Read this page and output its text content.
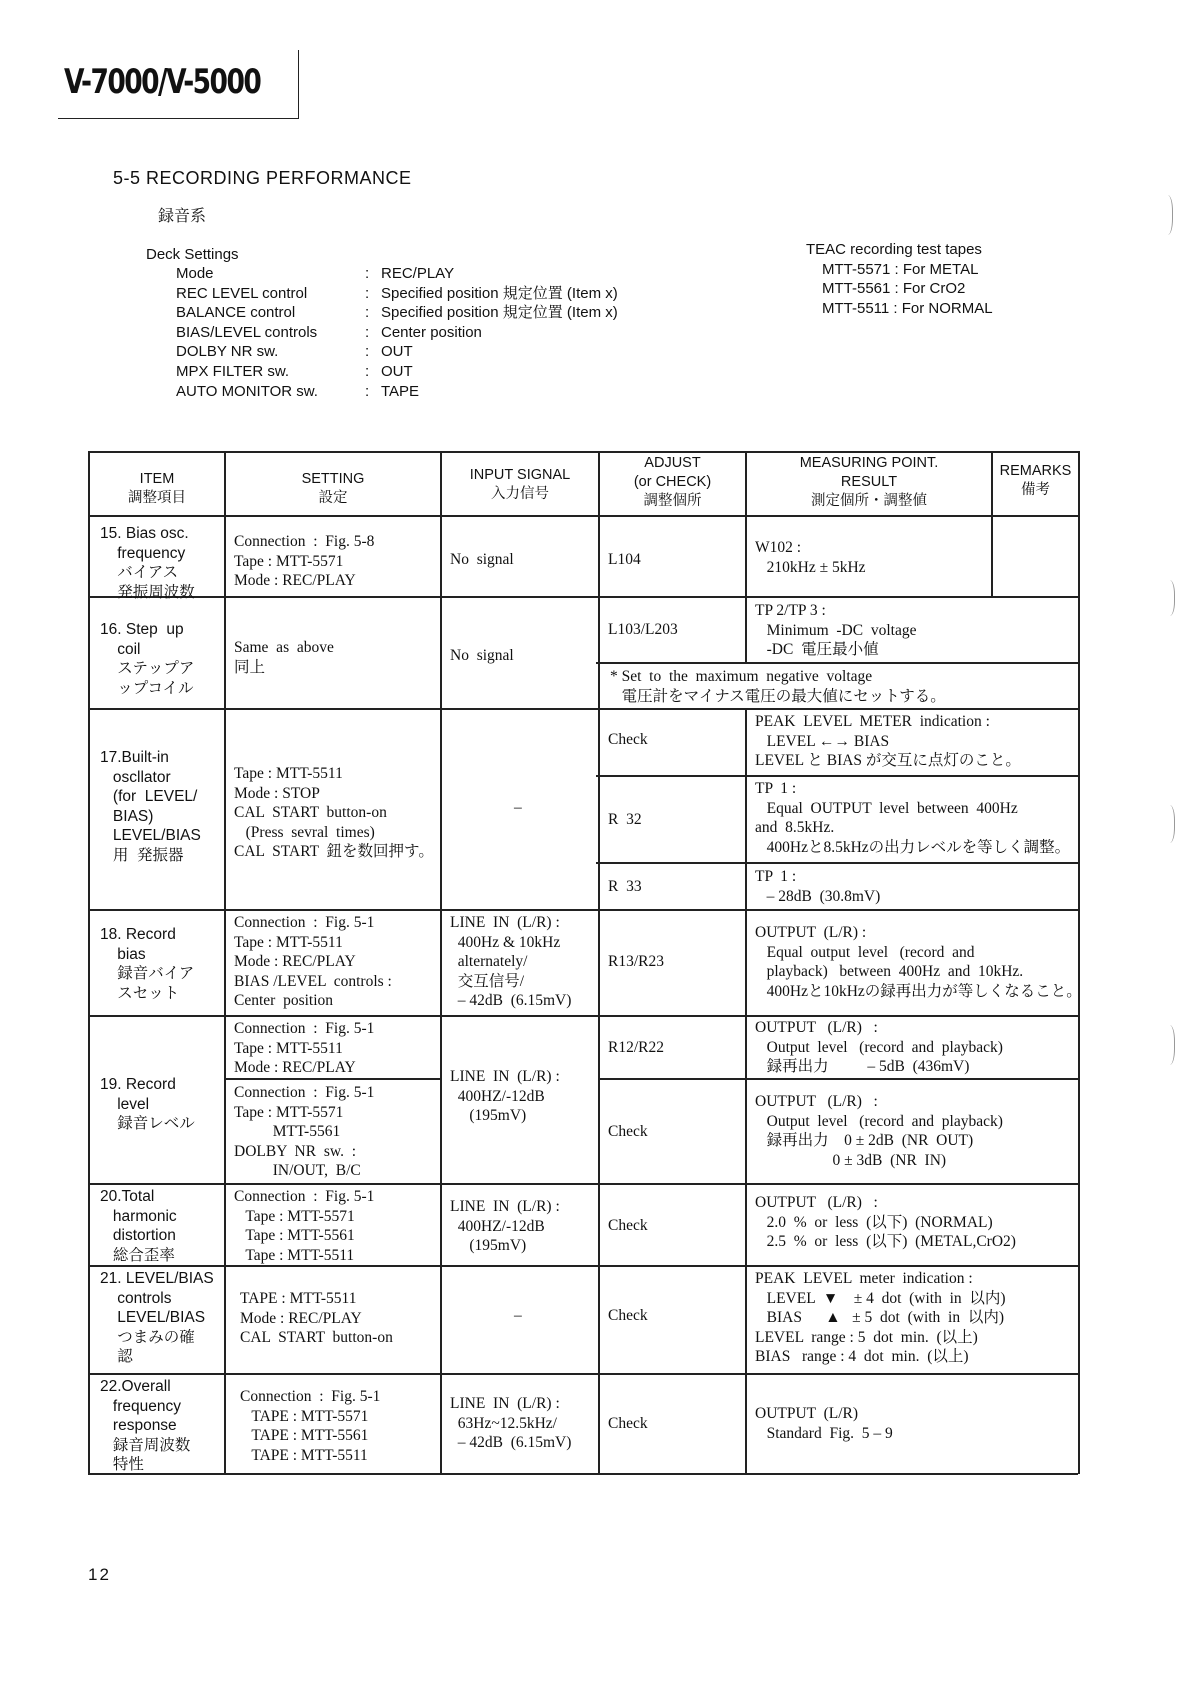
V-7000/V-5000
5-5 RECORDING PERFORMANCE
録音系
Deck Settings
Mode
REC LEVEL control
BALANCE control
BIAS/LEVEL controls
DOLBY NR sw.
MPX FILTER sw.
AUTO MONITOR sw.
:
:
:
:
:
:
:
REC/PLAY
Specified position 規定位置 (Item x)
Specified position 規定位置 (Item x)
Center position
OUT
OUT
TAPE
TEAC recording test tapes
MTT-5571 : For METAL
MTT-5561 : For CrO2
MTT-5511 : For NORMAL
ITEM
調整項目
SETTING
設定
INPUT SIGNAL
入力信号
ADJUST
(or CHECK)
調整個所
MEASURING POINT.
RESULT
測定個所・調整値
REMARKS
備考
15. Bias osc.
frequency
バイアス
発振周波数
Connection  :  Fig. 5-8
Tape : MTT-5571
Mode : REC/PLAY
No  signal	L104
W102 :
210kHz ± 5kHz
16. Step  up
coil
ステップア
ップコイル
Same  as  above
同上
No  signal
L103/L203
TP 2/TP 3 :
Minimum  -DC  voltage
-DC  電圧最小値
* Set  to  the  maximum  negative  voltage
電圧計をマイナス電圧の最大値にセットする。
17.Built-in
oscllator
(for  LEVEL/
BIAS)
LEVEL/BIAS
用  発振器
Tape : MTT-5511
Mode : STOP
CAL  START  button-on
(Press  sevral  times)
CAL  START  鈕を数回押す。
–
Check
PEAK  LEVEL  METER  indication :
LEVEL ←→ BIAS
LEVEL と BIAS が交互に点灯のこと。
R  32
TP  1 :
Equal  OUTPUT  level  between  400Hz
and  8.5kHz.
400Hzと8.5kHzの出力レベルを等しく調整。
R  33
TP  1 :
– 28dB  (30.8mV)
18. Record
bias
録音バイア
スセット
Connection  :  Fig. 5-1
Tape : MTT-5511
Mode : REC/PLAY
BIAS /LEVEL  controls :
Center  position
LINE  IN  (L/R) :
400Hz & 10kHz
alternately/
交互信号/
– 42dB  (6.15mV)
R13/R23
OUTPUT  (L/R) :
Equal  output  level   (record  and
playback)   between  400Hz  and  10kHz.
400Hzと10kHzの録再出力が等しくなること。
19. Record
level
録音レベル
Connection  :  Fig. 5-1
Tape : MTT-5511
Mode : REC/PLAY
Connection  :  Fig. 5-1
Tape : MTT-5571
MTT-5561
DOLBY  NR  sw.  :
IN/OUT,  B/C
LINE  IN  (L/R) :
400HZ/-12dB
(195mV)
R12/R22
OUTPUT   (L/R)   :
Output  level   (record  and  playback)
録再出力          – 5dB  (436mV)
Check
OUTPUT   (L/R)   :
Output  level   (record  and  playback)
録再出力    0 ± 2dB  (NR  OUT)
0 ± 3dB  (NR  IN)
20.Total
harmonic
distortion
総合歪率
Connection  :  Fig. 5-1
Tape : MTT-5571
Tape : MTT-5561
Tape : MTT-5511
LINE  IN  (L/R) :
400HZ/-12dB
(195mV)
Check
OUTPUT   (L/R)   :
2.0  %  or  less  (以下)  (NORMAL)
2.5  %  or  less  (以下)  (METAL,CrO2)
21. LEVEL/BIAS
controls
LEVEL/BIAS
つまみの確
認
TAPE : MTT-5511
Mode : REC/PLAY
CAL  START  button-on
–	Check
PEAK  LEVEL  meter  indication :
LEVEL  ▼    ± 4  dot  (with  in  以内)
BIAS      ▲   ± 5  dot  (with  in  以内)
LEVEL  range : 5  dot  min.  (以上)
BIAS   range : 4  dot  min.  (以上)
22.Overall
frequency
response
録音周波数
特性
Connection  :  Fig. 5-1
TAPE : MTT-5571
TAPE : MTT-5561
TAPE : MTT-5511
LINE  IN  (L/R) :
63Hz~12.5kHz/
– 42dB  (6.15mV)
Check
OUTPUT  (L/R)
Standard  Fig.  5 – 9
12
